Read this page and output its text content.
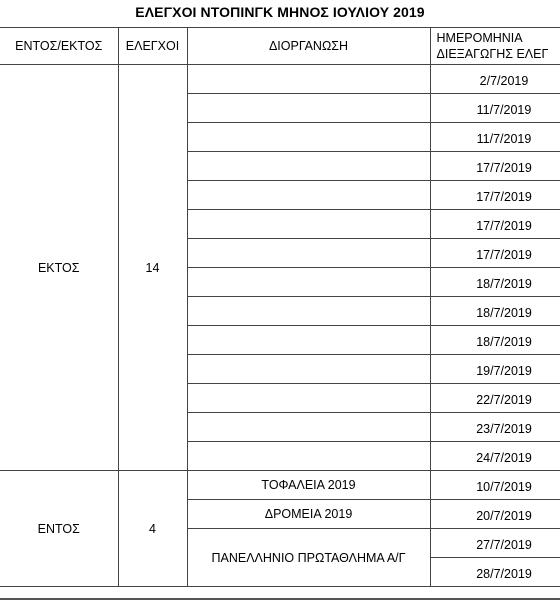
ΕΛΕΓΧΟΙ ΝΤΟΠΙΝΓΚ ΜΗΝΟΣ ΙΟΥΛΙΟΥ 2019
ΕΝΤΟΣ/ΕΚΤΟΣ	ΕΛΕΓΧΟΙ	ΔΙΟΡΓΑΝΩΣΗ	ΗΜΕΡΟΜΗΝΙΑ
ΔΙΕΞΑΓΩΓΗΣ ΕΛΕΓ
ΕΚΤΟΣ	14		2/7/2019
			11/7/2019
			11/7/2019
			17/7/2019
			17/7/2019
			17/7/2019
			17/7/2019
			18/7/2019
			18/7/2019
			18/7/2019
			19/7/2019
			22/7/2019
			23/7/2019
			24/7/2019
ΕΝΤΟΣ	4	ΤΟΦΑΛΕΙΑ 2019	10/7/2019
		ΔΡΟΜΕΙΑ 2019	20/7/2019
		ΠΑΝΕΛΛΗΝΙΟ ΠΡΩΤΑΘΛΗΜΑ Α/Γ	27/7/2019
			28/7/2019
